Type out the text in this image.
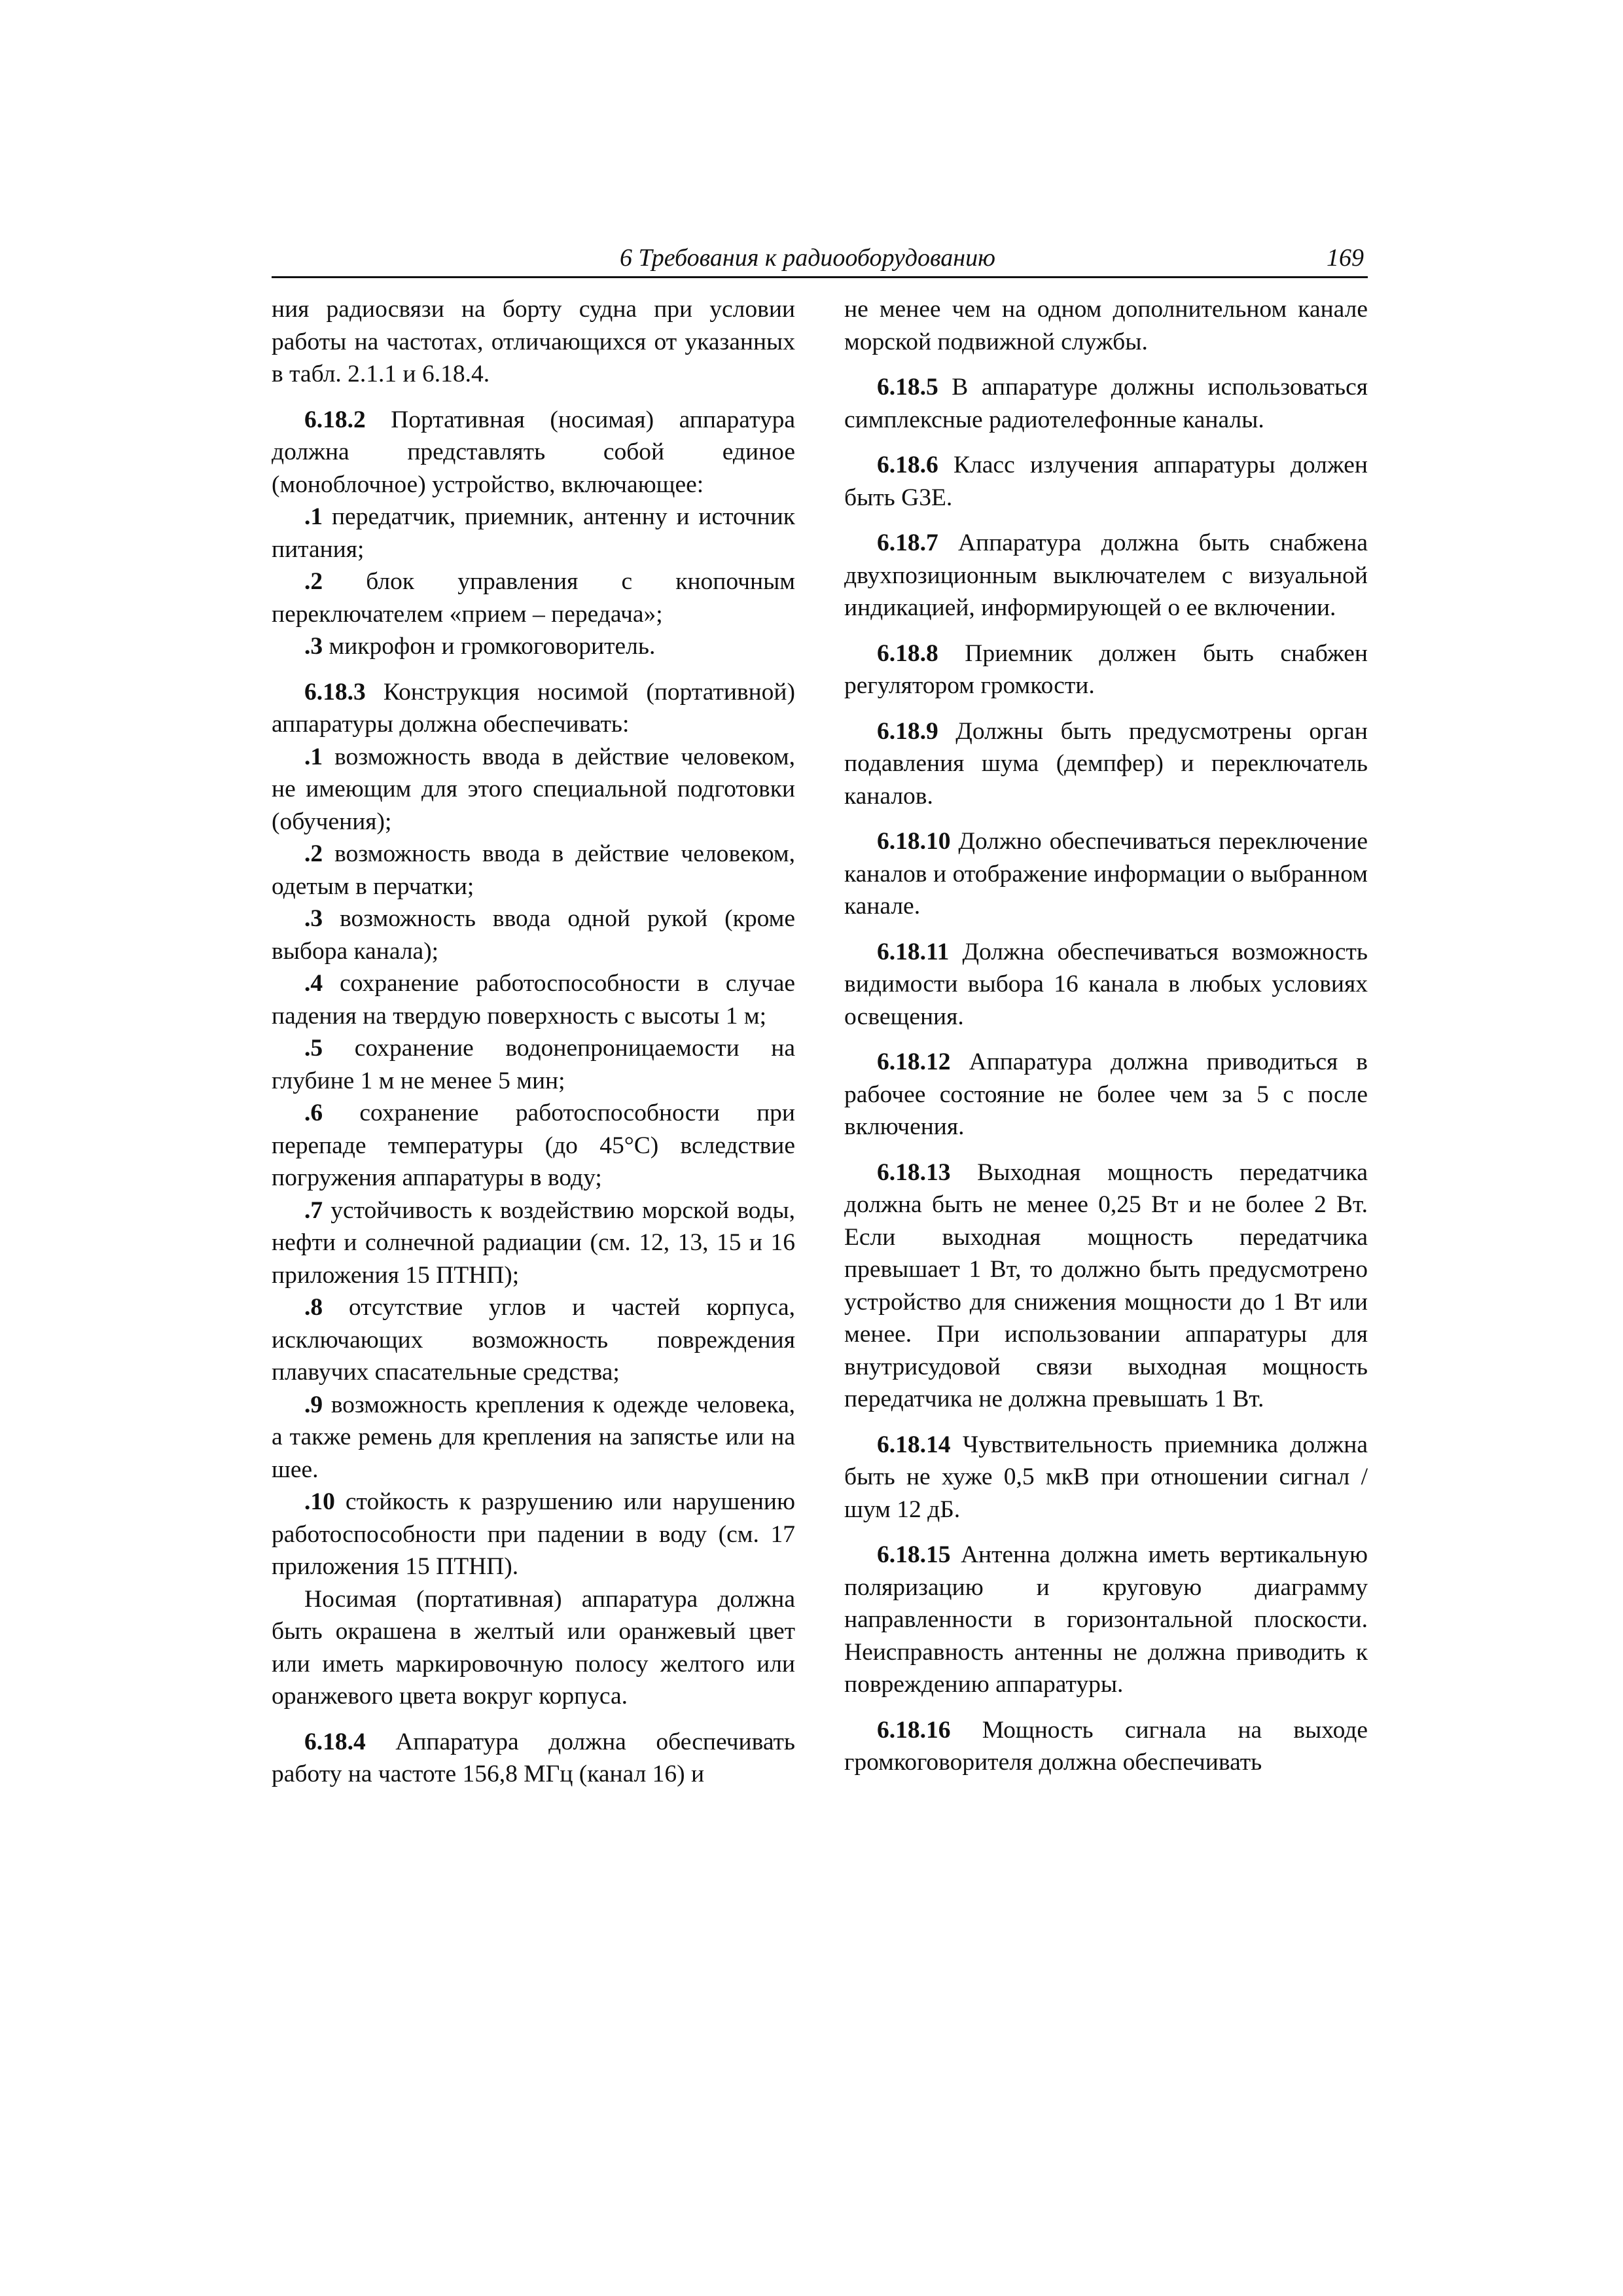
6 Требования к радиооборудованию	169

ния радиосвязи на борту судна при условии работы на частотах, отличающихся от указанных в табл. 2.1.1 и 6.18.4.

6.18.2 Портативная (носимая) аппаратура должна представлять собой единое (моноблочное) устройство, включающее:

.1 передатчик, приемник, антенну и источник питания;

.2 блок управления с кнопочным переключателем «прием – передача»;

.3 микрофон и громкоговоритель.

6.18.3 Конструкция носимой (портативной) аппаратуры должна обеспечивать:

.1 возможность ввода в действие человеком, не имеющим для этого специальной подготовки (обучения);

.2 возможность ввода в действие человеком, одетым в перчатки;

.3 возможность ввода одной рукой (кроме выбора канала);

.4 сохранение работоспособности в случае падения на твердую поверхность с высоты 1 м;

.5 сохранение водонепроницаемости на глубине 1 м не менее 5 мин;

.6 сохранение работоспособности при перепаде температуры (до 45°С) вследствие погружения аппаратуры в воду;

.7 устойчивость к воздействию морской воды, нефти и солнечной радиации (см. 12, 13, 15 и 16 приложения 15 ПТНП);

.8 отсутствие углов и частей корпуса, исключающих возможность повреждения плавучих спасательные средства;

.9 возможность крепления к одежде человека, а также ремень для крепления на запястье или на шее.

.10 стойкость к разрушению или нарушению работоспособности при падении в воду (см. 17 приложения 15 ПТНП).

Носимая (портативная) аппаратура должна быть окрашена в желтый или оранжевый цвет или иметь маркировочную полосу желтого или оранжевого цвета вокруг корпуса.

6.18.4 Аппаратура должна обеспечивать работу на частоте 156,8 МГц (канал 16) и

не менее чем на одном дополнительном канале морской подвижной службы.

6.18.5 В аппаратуре должны использоваться симплексные радиотелефонные каналы.

6.18.6 Класс излучения аппаратуры должен быть G3E.

6.18.7 Аппаратура должна быть снабжена двухпозиционным выключателем с визуальной индикацией, информирующей о ее включении.

6.18.8 Приемник должен быть снабжен регулятором громкости.

6.18.9 Должны быть предусмотрены орган подавления шума (демпфер) и переключатель каналов.

6.18.10 Должно обеспечиваться переключение каналов и отображение информации о выбранном канале.

6.18.11 Должна обеспечиваться возможность видимости выбора 16 канала в любых условиях освещения.

6.18.12 Аппаратура должна приводиться в рабочее состояние не более чем за 5 с после включения.

6.18.13 Выходная мощность передатчика должна быть не менее 0,25 Вт и не более 2 Вт. Если выходная мощность передатчика превышает 1 Вт, то должно быть предусмотрено устройство для снижения мощности до 1 Вт или менее. При использовании аппаратуры для внутрисудовой связи выходная мощность передатчика не должна превышать 1 Вт.

6.18.14 Чувствительность приемника должна быть не хуже 0,5 мкВ при отношении сигнал / шум 12 дБ.

6.18.15 Антенна должна иметь вертикальную поляризацию и круговую диаграмму направленности в горизонтальной плоскости. Неисправность антенны не должна приводить к повреждению аппаратуры.

6.18.16 Мощность сигнала на выходе громкоговорителя должна обеспечивать
